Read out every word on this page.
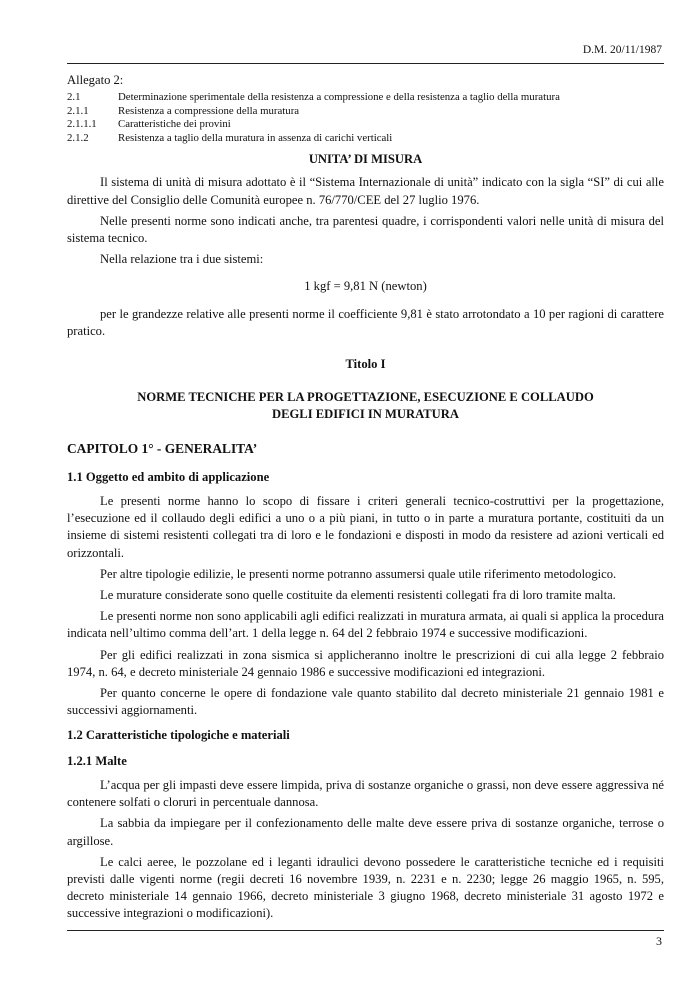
D.M. 20/11/1987
Allegato 2:
2.1	Determinazione sperimentale della resistenza a compressione e della resistenza a taglio della muratura
2.1.1	Resistenza a compressione della muratura
2.1.1.1	Caratteristiche dei provini
2.1.2	Resistenza a taglio della muratura in assenza di carichi verticali
UNITA’ DI MISURA

Il sistema di unità di misura adottato è il “Sistema Internazionale di unità” indicato con la sigla “SI” di cui alle direttive del Consiglio delle Comunità europee n. 76/770/CEE del 27 luglio 1976.

Nelle presenti norme sono indicati anche, tra parentesi quadre, i corrispondenti valori nelle unità di misura del sistema tecnico.

Nella relazione tra i due sistemi:

1 kgf = 9,81 N (newton)

per le grandezze relative alle presenti norme il coefficiente 9,81 è stato arrotondato a 10 per ragioni di carattere pratico.

Titolo I
NORME TECNICHE PER LA PROGETTAZIONE, ESECUZIONE E COLLAUDO
DEGLI EDIFICI IN MURATURA
CAPITOLO 1° - GENERALITA’
1.1 Oggetto ed ambito di applicazione

Le presenti norme hanno lo scopo di fissare i criteri generali tecnico-costruttivi per la progettazione, l’esecuzione ed il collaudo degli edifici a uno o a più piani, in tutto o in parte a muratura portante, costituiti da un insieme di sistemi resistenti collegati tra di loro e le fondazioni e disposti in modo da resistere ad azioni verticali ed orizzontali.

Per altre tipologie edilizie, le presenti norme potranno assumersi quale utile riferimento metodologico.

Le murature considerate sono quelle costituite da elementi resistenti collegati fra di loro tramite malta.

Le presenti norme non sono applicabili agli edifici realizzati in muratura armata, ai quali si applica la procedura indicata nell’ultimo comma dell’art. 1 della legge n. 64 del 2 febbraio 1974 e successive modificazioni.

Per gli edifici realizzati in zona sismica si applicheranno inoltre le prescrizioni di cui alla legge 2 febbraio 1974, n. 64, e decreto ministeriale 24 gennaio 1986 e successive modificazioni ed integrazioni.

Per quanto concerne le opere di fondazione vale quanto stabilito dal decreto ministeriale 21 gennaio 1981 e successivi aggiornamenti.

1.2 Caratteristiche tipologiche e materiali
1.2.1 Malte

L’acqua per gli impasti deve essere limpida, priva di sostanze organiche o grassi, non deve essere aggressiva né contenere solfati o cloruri in percentuale dannosa.

La sabbia da impiegare per il confezionamento delle malte deve essere priva di sostanze organiche, terrose o argillose.

Le calci aeree, le pozzolane ed i leganti idraulici devono possedere le caratteristiche tecniche ed i requisiti previsti dalle vigenti norme (regii decreti 16 novembre 1939, n. 2231 e n. 2230; legge 26 maggio 1965, n. 595, decreto ministeriale 14 gennaio 1966, decreto ministeriale 3 giugno 1968, decreto ministeriale 31 agosto 1972 e successive integrazioni o modificazioni).

3
